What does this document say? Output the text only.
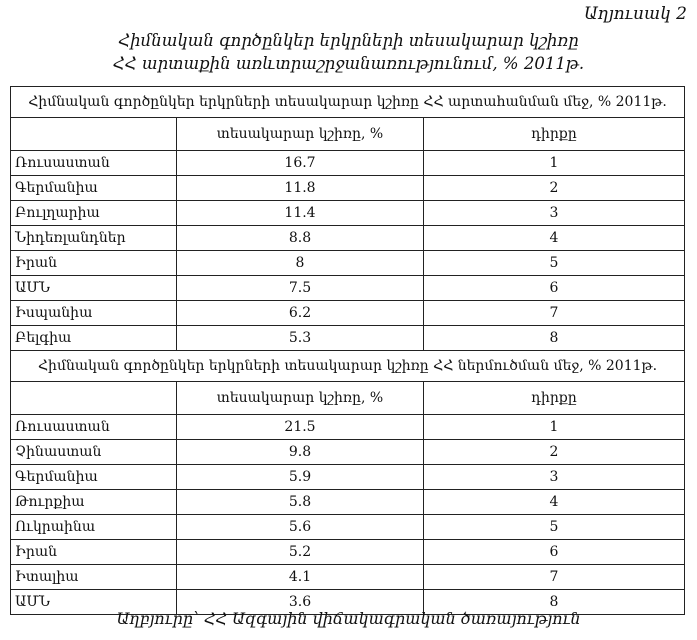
Աղյուսակ 2
Հիմնական գործընկեր երկրների տեսակարար կշիռը
ՀՀ արտաքին առևտրաշրջանառությունում, % 2011թ.
Հիմնական գործընկեր երկրների տեսակարար կշիռը ՀՀ արտահանման մեջ, % 2011թ.		
	տեսակարար կշիռը, %	դիրքը
Ռուսաստան	16.7	1
Գերմանիա	11.8	2
Բուլղարիա	11.4	3
Նիդեռլանդներ	8.8	4
Իրան	8	5
ԱՄՆ	7.5	6
Իսպանիա	6.2	7
Բելգիա	5.3	8
Հիմնական գործընկեր երկրների տեսակարար կշիռը ՀՀ ներմուծման մեջ, % 2011թ.		
	տեսակարար կշիռը, %	դիրքը
Ռուսաստան	21.5	1
Չինաստան	9.8	2
Գերմանիա	5.9	3
Թուրքիա	5.8	4
Ուկրաինա	5.6	5
Իրան	5.2	6
Իտալիա	4.1	7
ԱՄՆ	3.6	8
Աղբյուրը՝ ՀՀ Ազգային վիճակագրական ծառայություն
